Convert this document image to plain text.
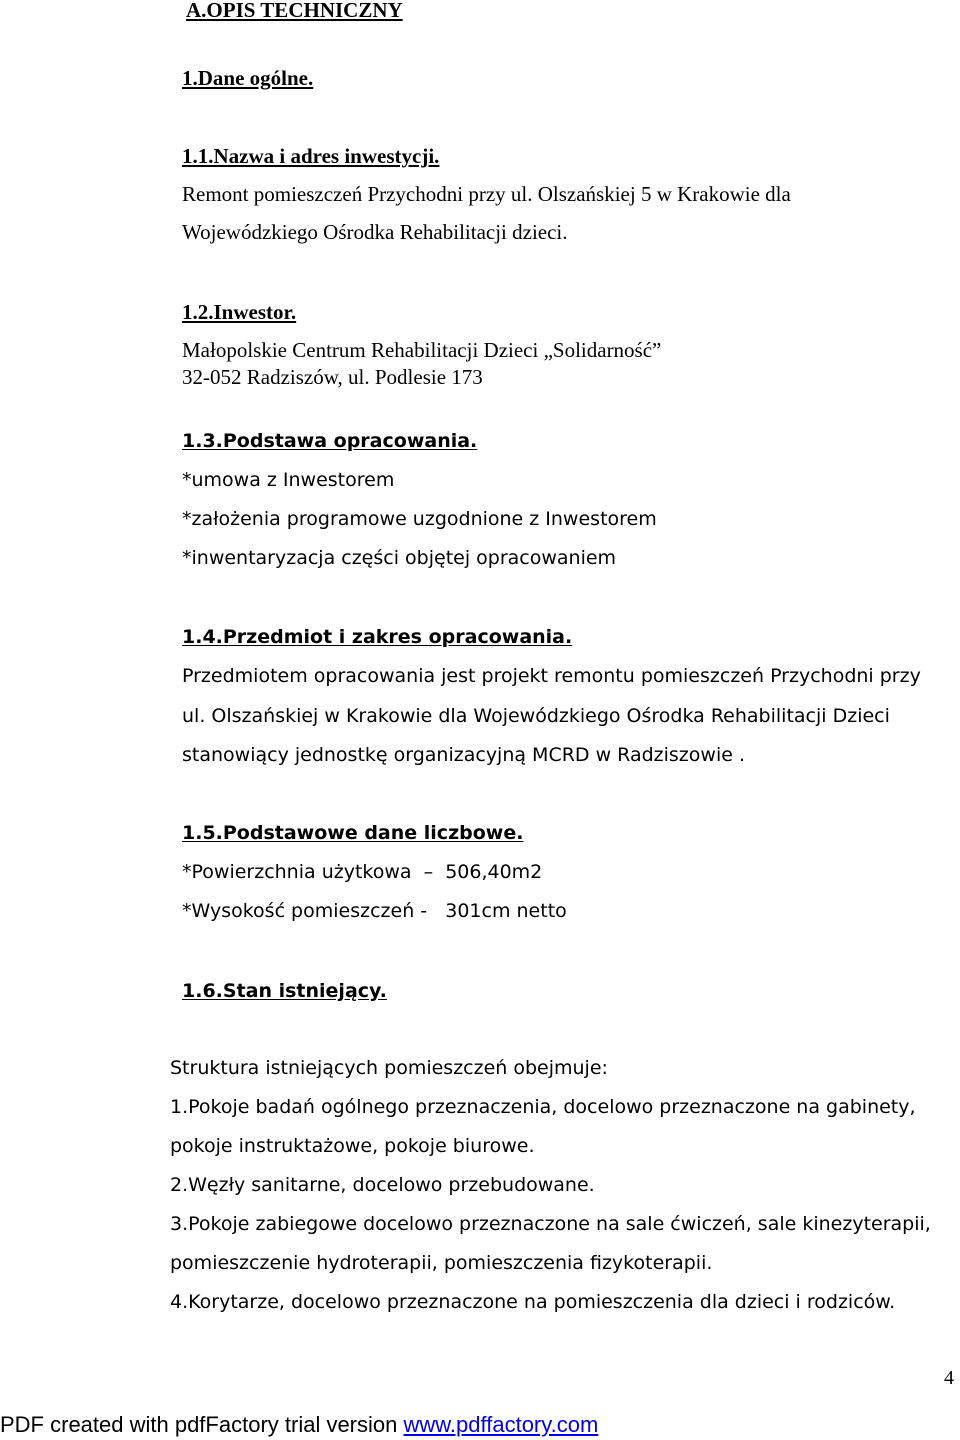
A.OPIS TECHNICZNY
1.Dane ogólne.
1.1.Nazwa i adres inwestycji.
Remont pomieszczeń Przychodni przy ul. Olszańskiej 5 w Krakowie dla
Wojewódzkiego Ośrodka Rehabilitacji dzieci.
1.2.Inwestor.
Małopolskie Centrum Rehabilitacji Dzieci „Solidarność”
32-052 Radziszów, ul. Podlesie 173
1.3.Podstawa opracowania.
*umowa z Inwestorem
*założenia programowe uzgodnione z Inwestorem
*inwentaryzacja części objętej opracowaniem
1.4.Przedmiot i zakres opracowania.
Przedmiotem opracowania jest projekt remontu pomieszczeń Przychodni przy
ul. Olszańskiej w Krakowie dla Wojewódzkiego Ośrodka Rehabilitacji Dzieci
stanowiący jednostkę organizacyjną MCRD w Radziszowie .
1.5.Podstawowe dane liczbowe.
*Powierzchnia użytkowa  –  506,40m2
*Wysokość pomieszczeń -   301cm netto
1.6.Stan istniejący.
Struktura istniejących pomieszczeń obejmuje:
1.Pokoje badań ogólnego przeznaczenia, docelowo przeznaczone na gabinety,
pokoje instruktażowe, pokoje biurowe.
2.Węzły sanitarne, docelowo przebudowane.
3.Pokoje zabiegowe docelowo przeznaczone na sale ćwiczeń, sale kinezyterapii,
pomieszczenie hydroterapii, pomieszczenia fizykoterapii.
4.Korytarze, docelowo przeznaczone na pomieszczenia dla dzieci i rodziców.
4
PDF created with pdfFactory trial version www.pdffactory.com
